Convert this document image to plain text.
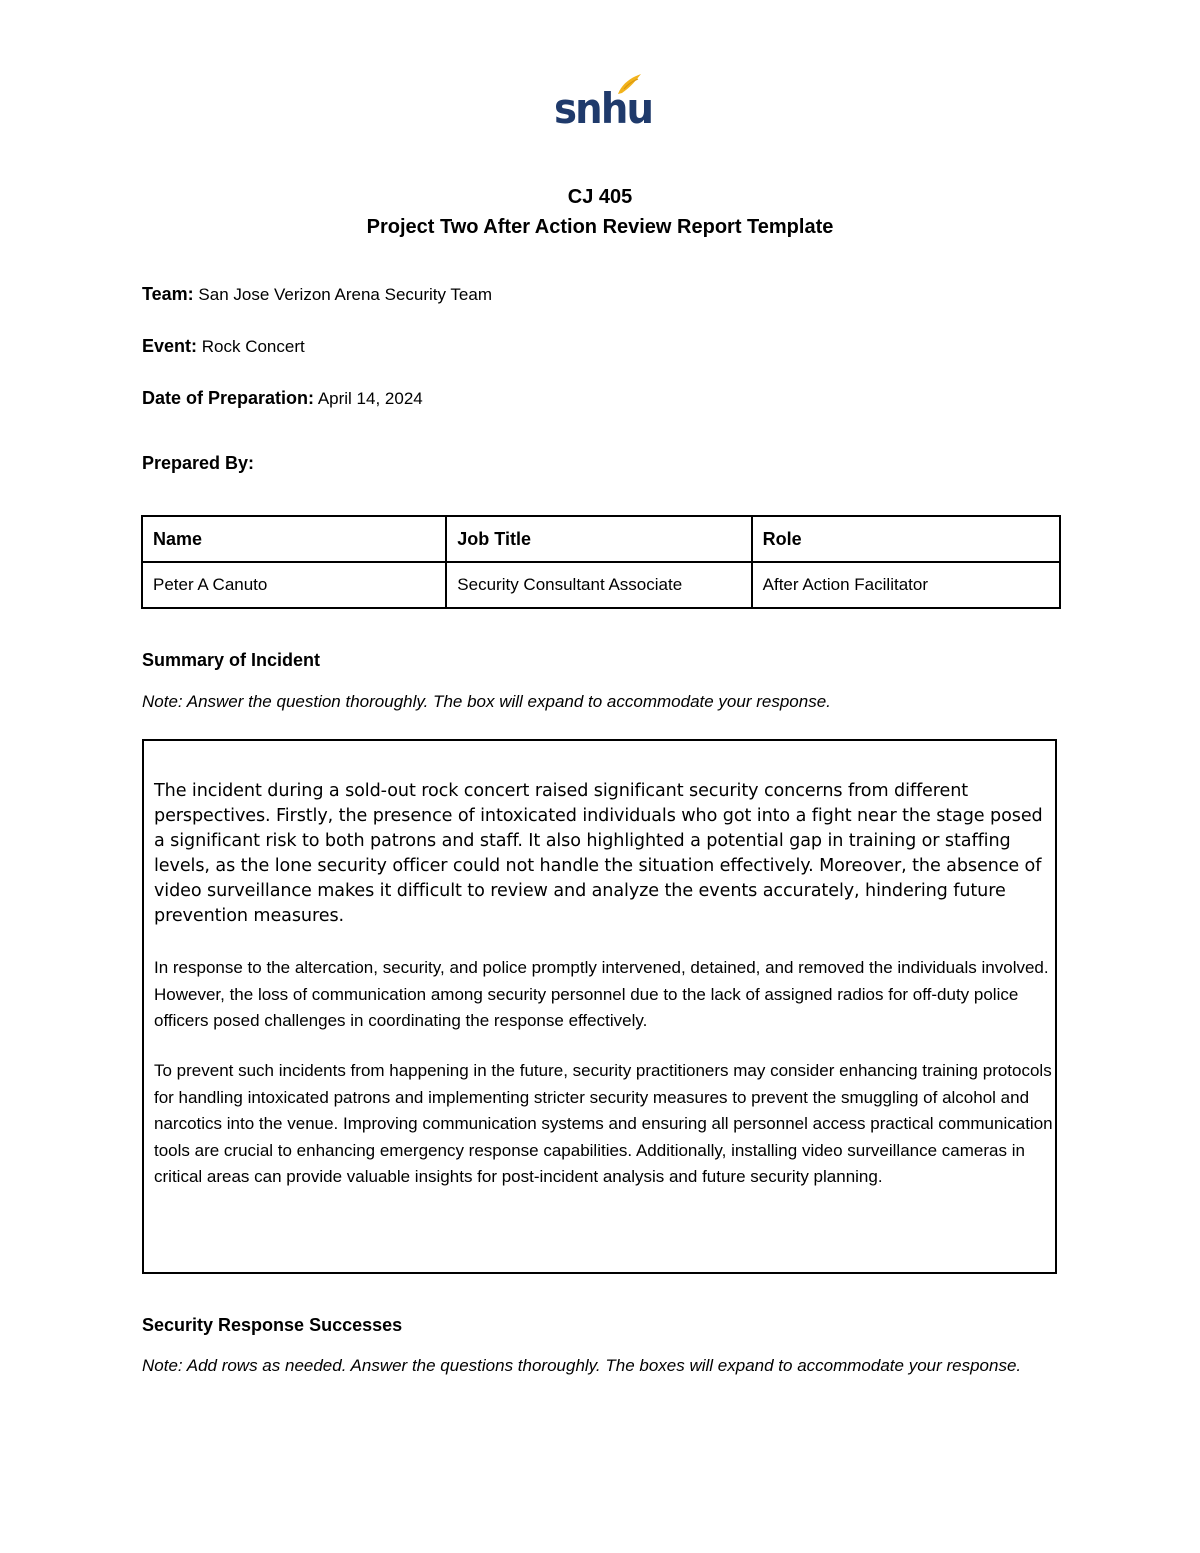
snhu
CJ 405
Project Two After Action Review Report Template
Team: San Jose Verizon Arena Security Team
Event: Rock Concert
Date of Preparation: April 14, 2024
Prepared By:
Name	Job Title	Role
Peter A Canuto	Security Consultant Associate	After Action Facilitator
Summary of Incident
Note: Answer the question thoroughly. The box will expand to accommodate your response.

The incident during a sold-out rock concert raised significant security concerns from different perspectives. Firstly, the presence of intoxicated individuals who got into a fight near the stage posed a significant risk to both patrons and staff. It also highlighted a potential gap in training or staffing levels, as the lone security officer could not handle the situation effectively. Moreover, the absence of video surveillance makes it difficult to review and analyze the events accurately, hindering future prevention measures.

In response to the altercation, security, and police promptly intervened, detained, and removed the individuals involved. However, the loss of communication among security personnel due to the lack of assigned radios for off-duty police officers posed challenges in coordinating the response effectively.

To prevent such incidents from happening in the future, security practitioners may consider enhancing training protocols for handling intoxicated patrons and implementing stricter security measures to prevent the smuggling of alcohol and narcotics into the venue. Improving communication systems and ensuring all personnel access practical communication tools are crucial to enhancing emergency response capabilities. Additionally, installing video surveillance cameras in critical areas can provide valuable insights for post-incident analysis and future security planning.

Security Response Successes
Note: Add rows as needed. Answer the questions thoroughly. The boxes will expand to accommodate your response.
